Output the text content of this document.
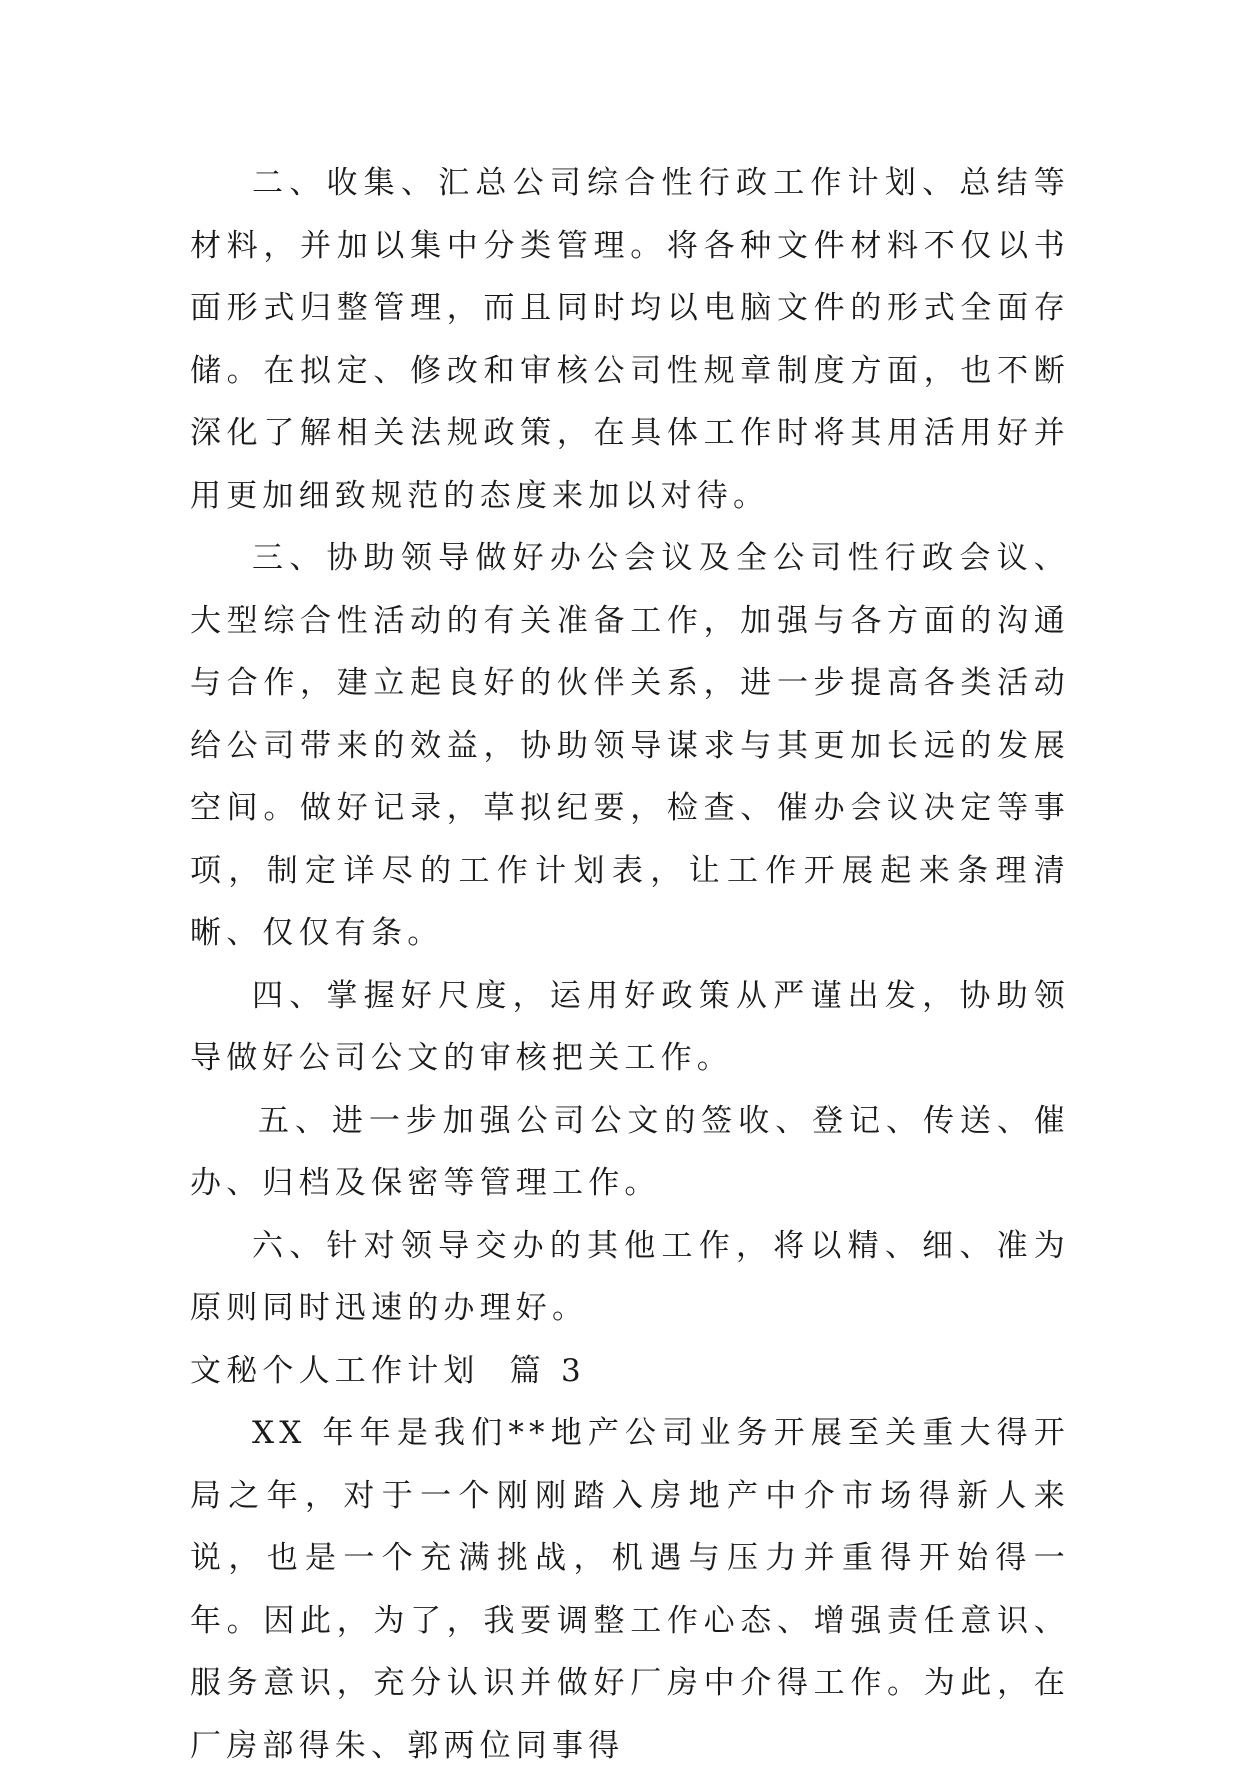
二、收集、汇总公司综合性行政工作计划、总结等材料，并加以集中分类管理。将各种文件材料不仅以书面形式归整管理，而且同时均以电脑文件的形式全面存储。在拟定、修改和审核公司性规章制度方面，也不断深化了解相关法规政策，在具体工作时将其用活用好并用更加细致规范的态度来加以对待。

三、协助领导做好办公会议及全公司性行政会议、大型综合性活动的有关准备工作，加强与各方面的沟通与合作，建立起良好的伙伴关系，进一步提高各类活动给公司带来的效益，协助领导谋求与其更加长远的发展空间。做好记录，草拟纪要，检查、催办会议决定等事项，制定详尽的工作计划表，让工作开展起来条理清晰、仅仅有条。

四、掌握好尺度，运用好政策从严谨出发，协助领导做好公司公文的审核把关工作。

五、进一步加强公司公文的签收、登记、传送、催办、归档及保密等管理工作。

六、针对领导交办的其他工作，将以精、细、准为原则同时迅速的办理好。

文秘个人工作计划  篇 3

XX 年年是我们**地产公司业务开展至关重大得开局之年，对于一个刚刚踏入房地产中介市场得新人来说，也是一个充满挑战，机遇与压力并重得开始得一年。因此，为了，我要调整工作心态、增强责任意识、服务意识，充分认识并做好厂房中介得工作。为此，在厂房部得朱、郭两位同事得
